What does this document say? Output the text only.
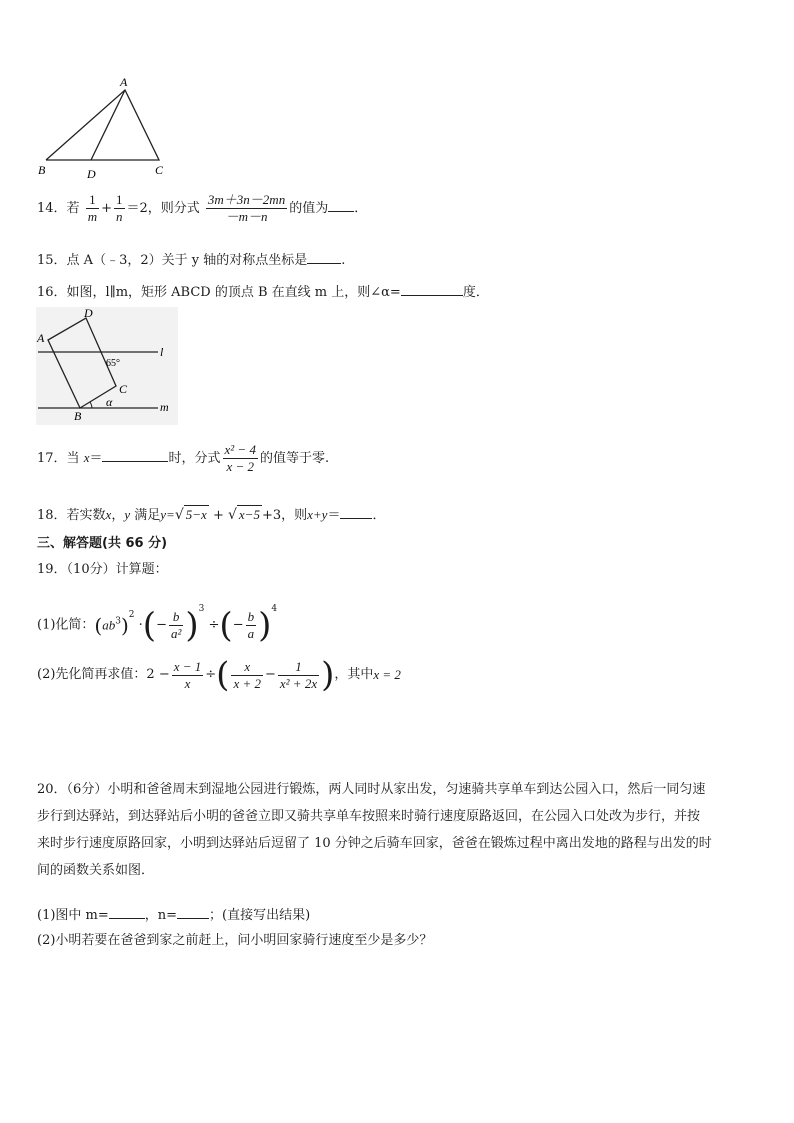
A
B	D	C
14．若 $\frac{1}{m} + \frac{1}{n} =2$，则分式 $\frac{3m+3n-2mn}{-m-n}$ 的值为 ．
15．点 A（﹣3，2）关于 y 轴的对称点坐标是	.
16．如图，l∥m，矩形 ABCD 的顶点 B 在直线 m 上，则∠α=	度．
D
A
65°
l
C
α	m
B
17．当 x＝	时，分式 $\frac{\text{x² − 4}}{x - 2}$ 的值等于零.
18．若实数x，y 满足y=√ 5−x + √ x−5 +3，则x+y＝ ．
三、解答题(共 66 分)
19．（10分）计算题：
(1)化简：$(ab^3)^2$ ·(− $\frac{b}{\text{a²}} )^3$ ÷(− $\frac{b}{a} )^4$
(2)先化简再求值：$2 - \frac{x - 1}{x}$ ÷( $\frac{x}{x + 2} - \frac{1}{\text{x² + 2x}}$ )，其中x = 2
20．（6分）小明和爸爸周末到湿地公园进行锻炼，两人同时从家出发，匀速骑共享单车到达公园入口，然后一同匀速
步行到达驿站，到达驿站后小明的爸爸立即又骑共享单车按照来时骑行速度原路返回，在公园入口处改为步行，并按
来时步行速度原路回家，小明到达驿站后逗留了 10 分钟之后骑车回家，爸爸在锻炼过程中离出发地的路程与出发的时
间的函数关系如图．
(1)图中 m=	，n= ；(直接写出结果)
(2)小明若要在爸爸到家之前赶上，问小明回家骑行速度至少是多少？
